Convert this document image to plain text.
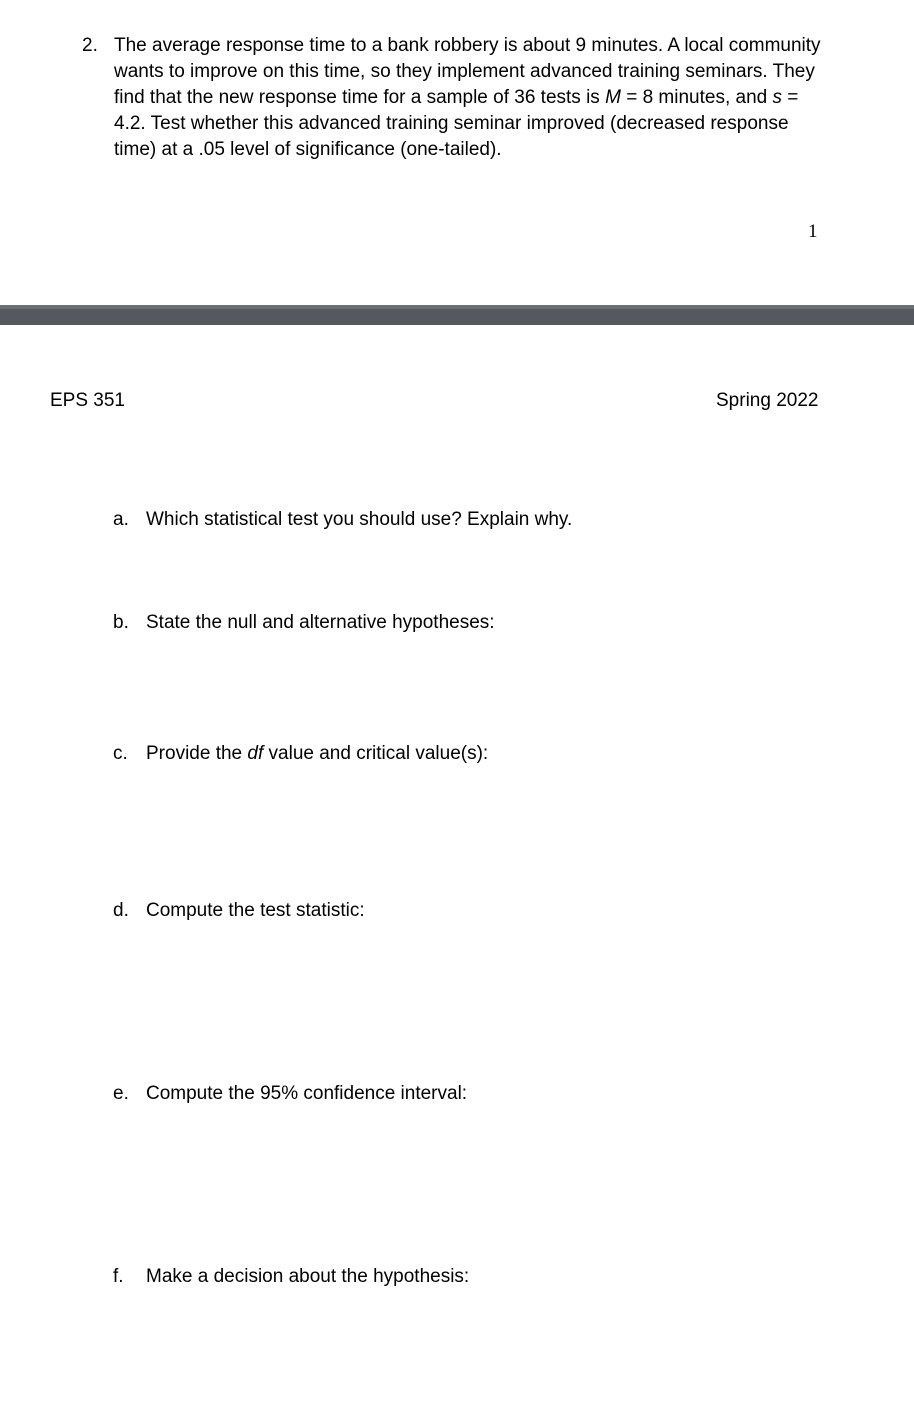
2. The average response time to a bank robbery is about 9 minutes. A local community wants to improve on this time, so they implement advanced training seminars. They find that the new response time for a sample of 36 tests is M = 8 minutes, and s = 4.2. Test whether this advanced training seminar improved (decreased response time) at a .05 level of significance (one-tailed).
1
EPS 351	Spring 2022
a. Which statistical test you should use? Explain why.
b. State the null and alternative hypotheses:
c. Provide the df value and critical value(s):
d. Compute the test statistic:
e. Compute the 95% confidence interval:
f. Make a decision about the hypothesis:
